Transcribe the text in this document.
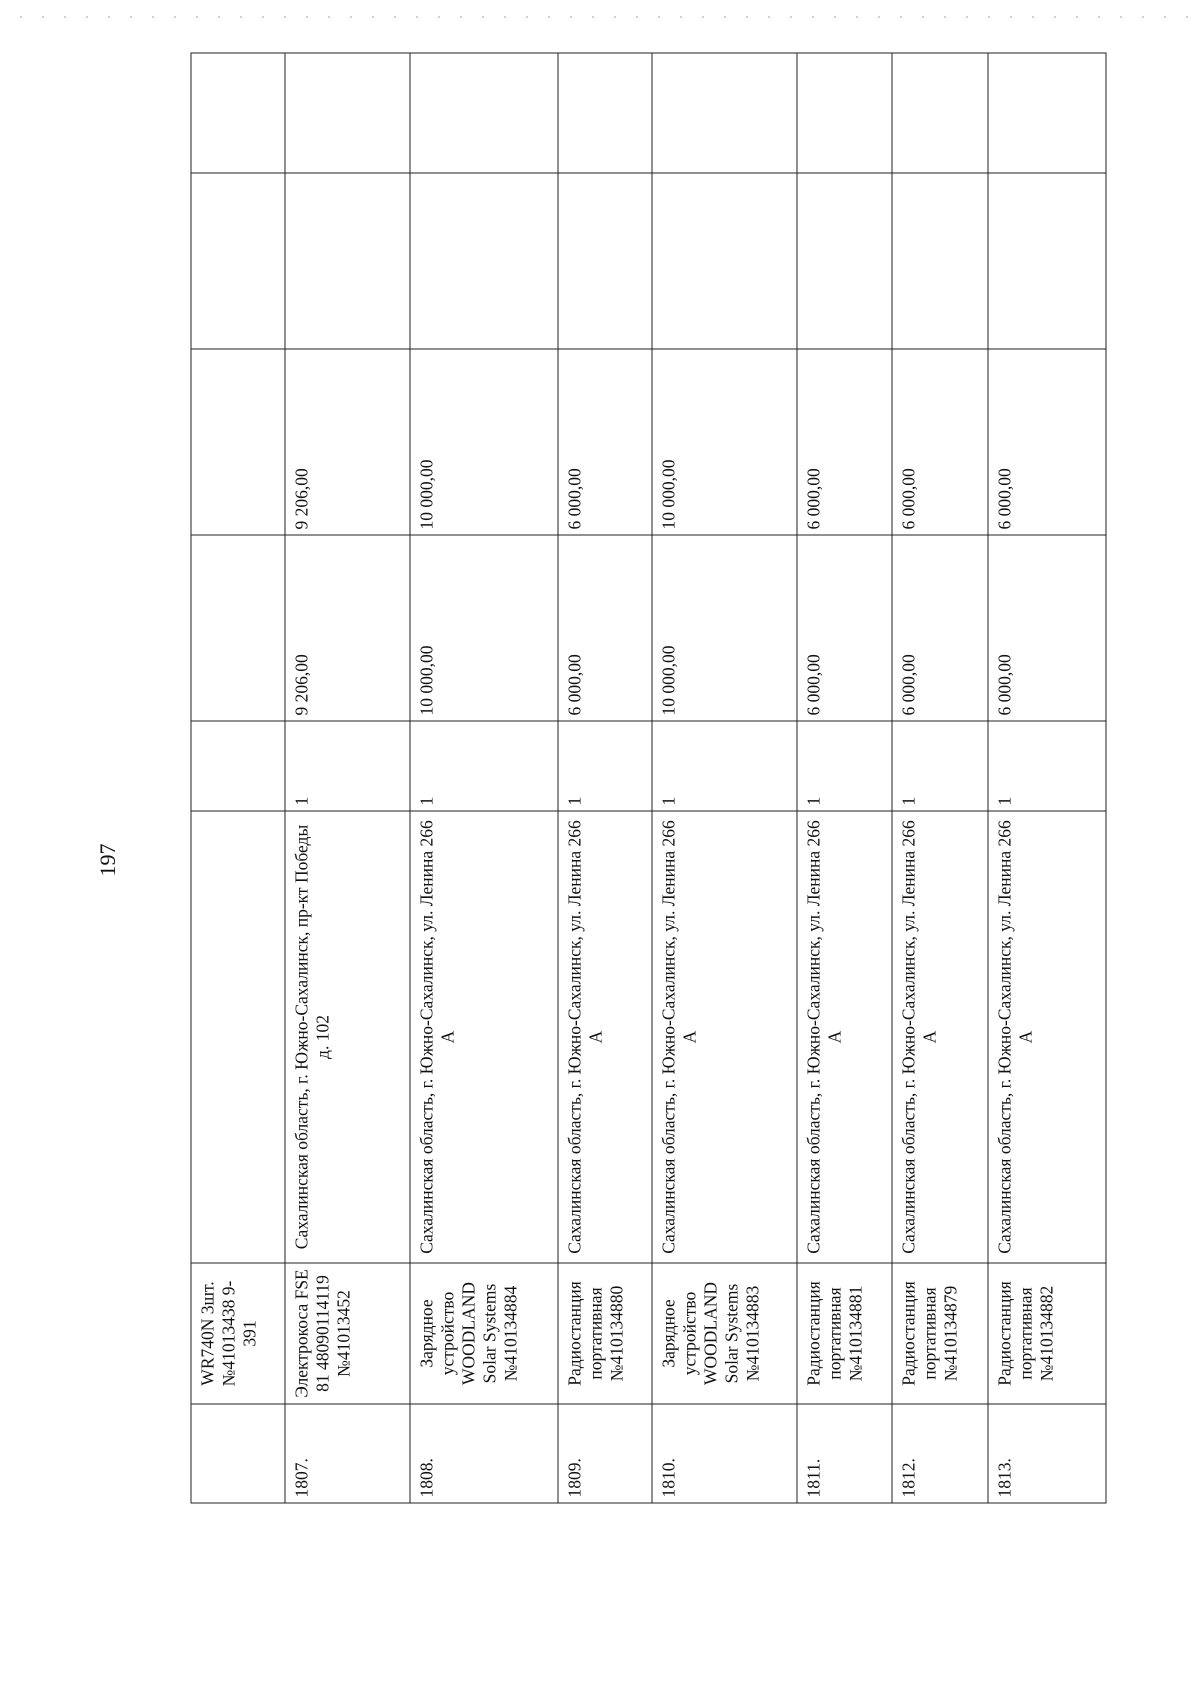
197
	WR740N 3шт.№41013438 9-391						
1807.	Электрокоса FSE 81 48090114119 №41013452	Сахалинская область, г. Южно-Сахалинск, пр-кт Победы д. 102	1	9 206,00	9 206,00		
1808.	Зарядное устройство WOODLAND Solar Systems №410134884	Сахалинская область, г. Южно-Сахалинск, ул. Ленина 266 А	1	10 000,00	10 000,00		
1809.	Радиостанция портативная №410134880	Сахалинская область, г. Южно-Сахалинск, ул. Ленина 266 А	1	6 000,00	6 000,00		
1810.	Зарядное устройство WOODLAND Solar Systems №410134883	Сахалинская область, г. Южно-Сахалинск, ул. Ленина 266 А	1	10 000,00	10 000,00		
1811.	Радиостанция портативная №410134881	Сахалинская область, г. Южно-Сахалинск, ул. Ленина 266 А	1	6 000,00	6 000,00		
1812.	Радиостанция портативная №410134879	Сахалинская область, г. Южно-Сахалинск, ул. Ленина 266 А	1	6 000,00	6 000,00		
1813.	Радиостанция портативная №410134882	Сахалинская область, г. Южно-Сахалинск, ул. Ленина 266 А	1	6 000,00	6 000,00		
